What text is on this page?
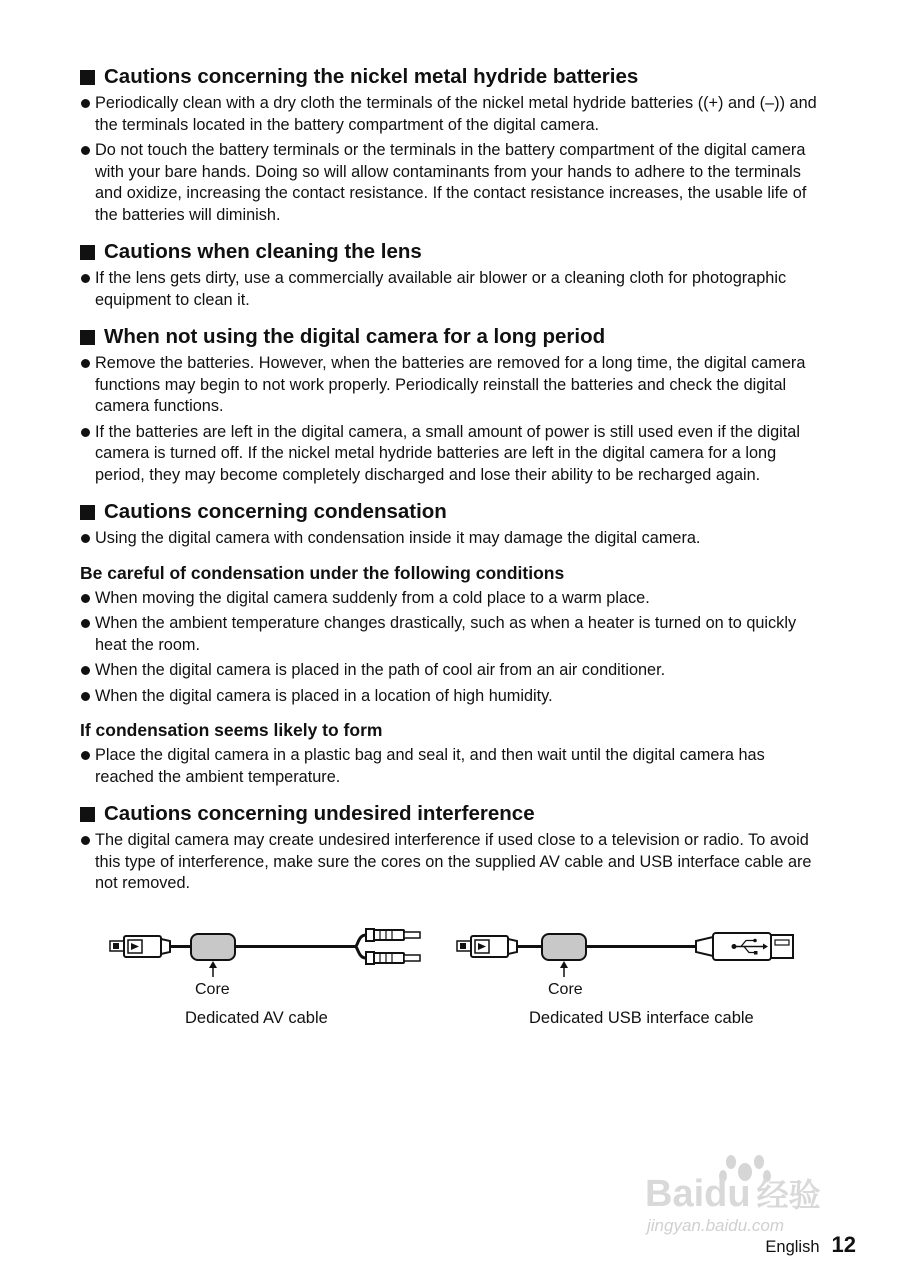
Cautions concerning the nickel metal hydride batteries
Periodically clean with a dry cloth the terminals of the nickel metal hydride batteries ((+) and (–)) and the terminals located in the battery compartment of the digital camera.
Do not touch the battery terminals or the terminals in the battery compartment of the digital camera with your bare hands. Doing so will allow contaminants from your hands to adhere to the terminals and oxidize, increasing the contact resistance. If the contact resistance increases, the usable life of the batteries will diminish.
Cautions when cleaning the lens
If the lens gets dirty, use a commercially available air blower or a cleaning cloth for photographic equipment to clean it.
When not using the digital camera for a long period
Remove the batteries. However, when the batteries are removed for a long time, the digital camera functions may begin to not work properly. Periodically reinstall the batteries and check the digital camera functions.
If the batteries are left in the digital camera, a small amount of power is still used even if the digital camera is turned off. If the nickel metal hydride batteries are left in the digital camera for a long period, they may become completely discharged and lose their ability to be recharged again.
Cautions concerning condensation
Using the digital camera with condensation inside it may damage the digital camera.
Be careful of condensation under the following conditions
When moving the digital camera suddenly from a cold place to a warm place.
When the ambient temperature changes drastically, such as when a heater is turned on to quickly heat the room.
When the digital camera is placed in the path of cool air from an air conditioner.
When the digital camera is placed in a location of high humidity.
If condensation seems likely to form
Place the digital camera in a plastic bag and seal it, and then wait until the digital camera has reached the ambient temperature.
Cautions concerning undesired interference
The digital camera may create undesired interference if used close to a television or radio. To avoid this type of interference, make sure the cores on the supplied AV cable and USB interface cable are not removed.
Core
Dedicated AV cable
Core
Dedicated USB interface cable
Baidu 经验
jingyan.baidu.com
English 12
